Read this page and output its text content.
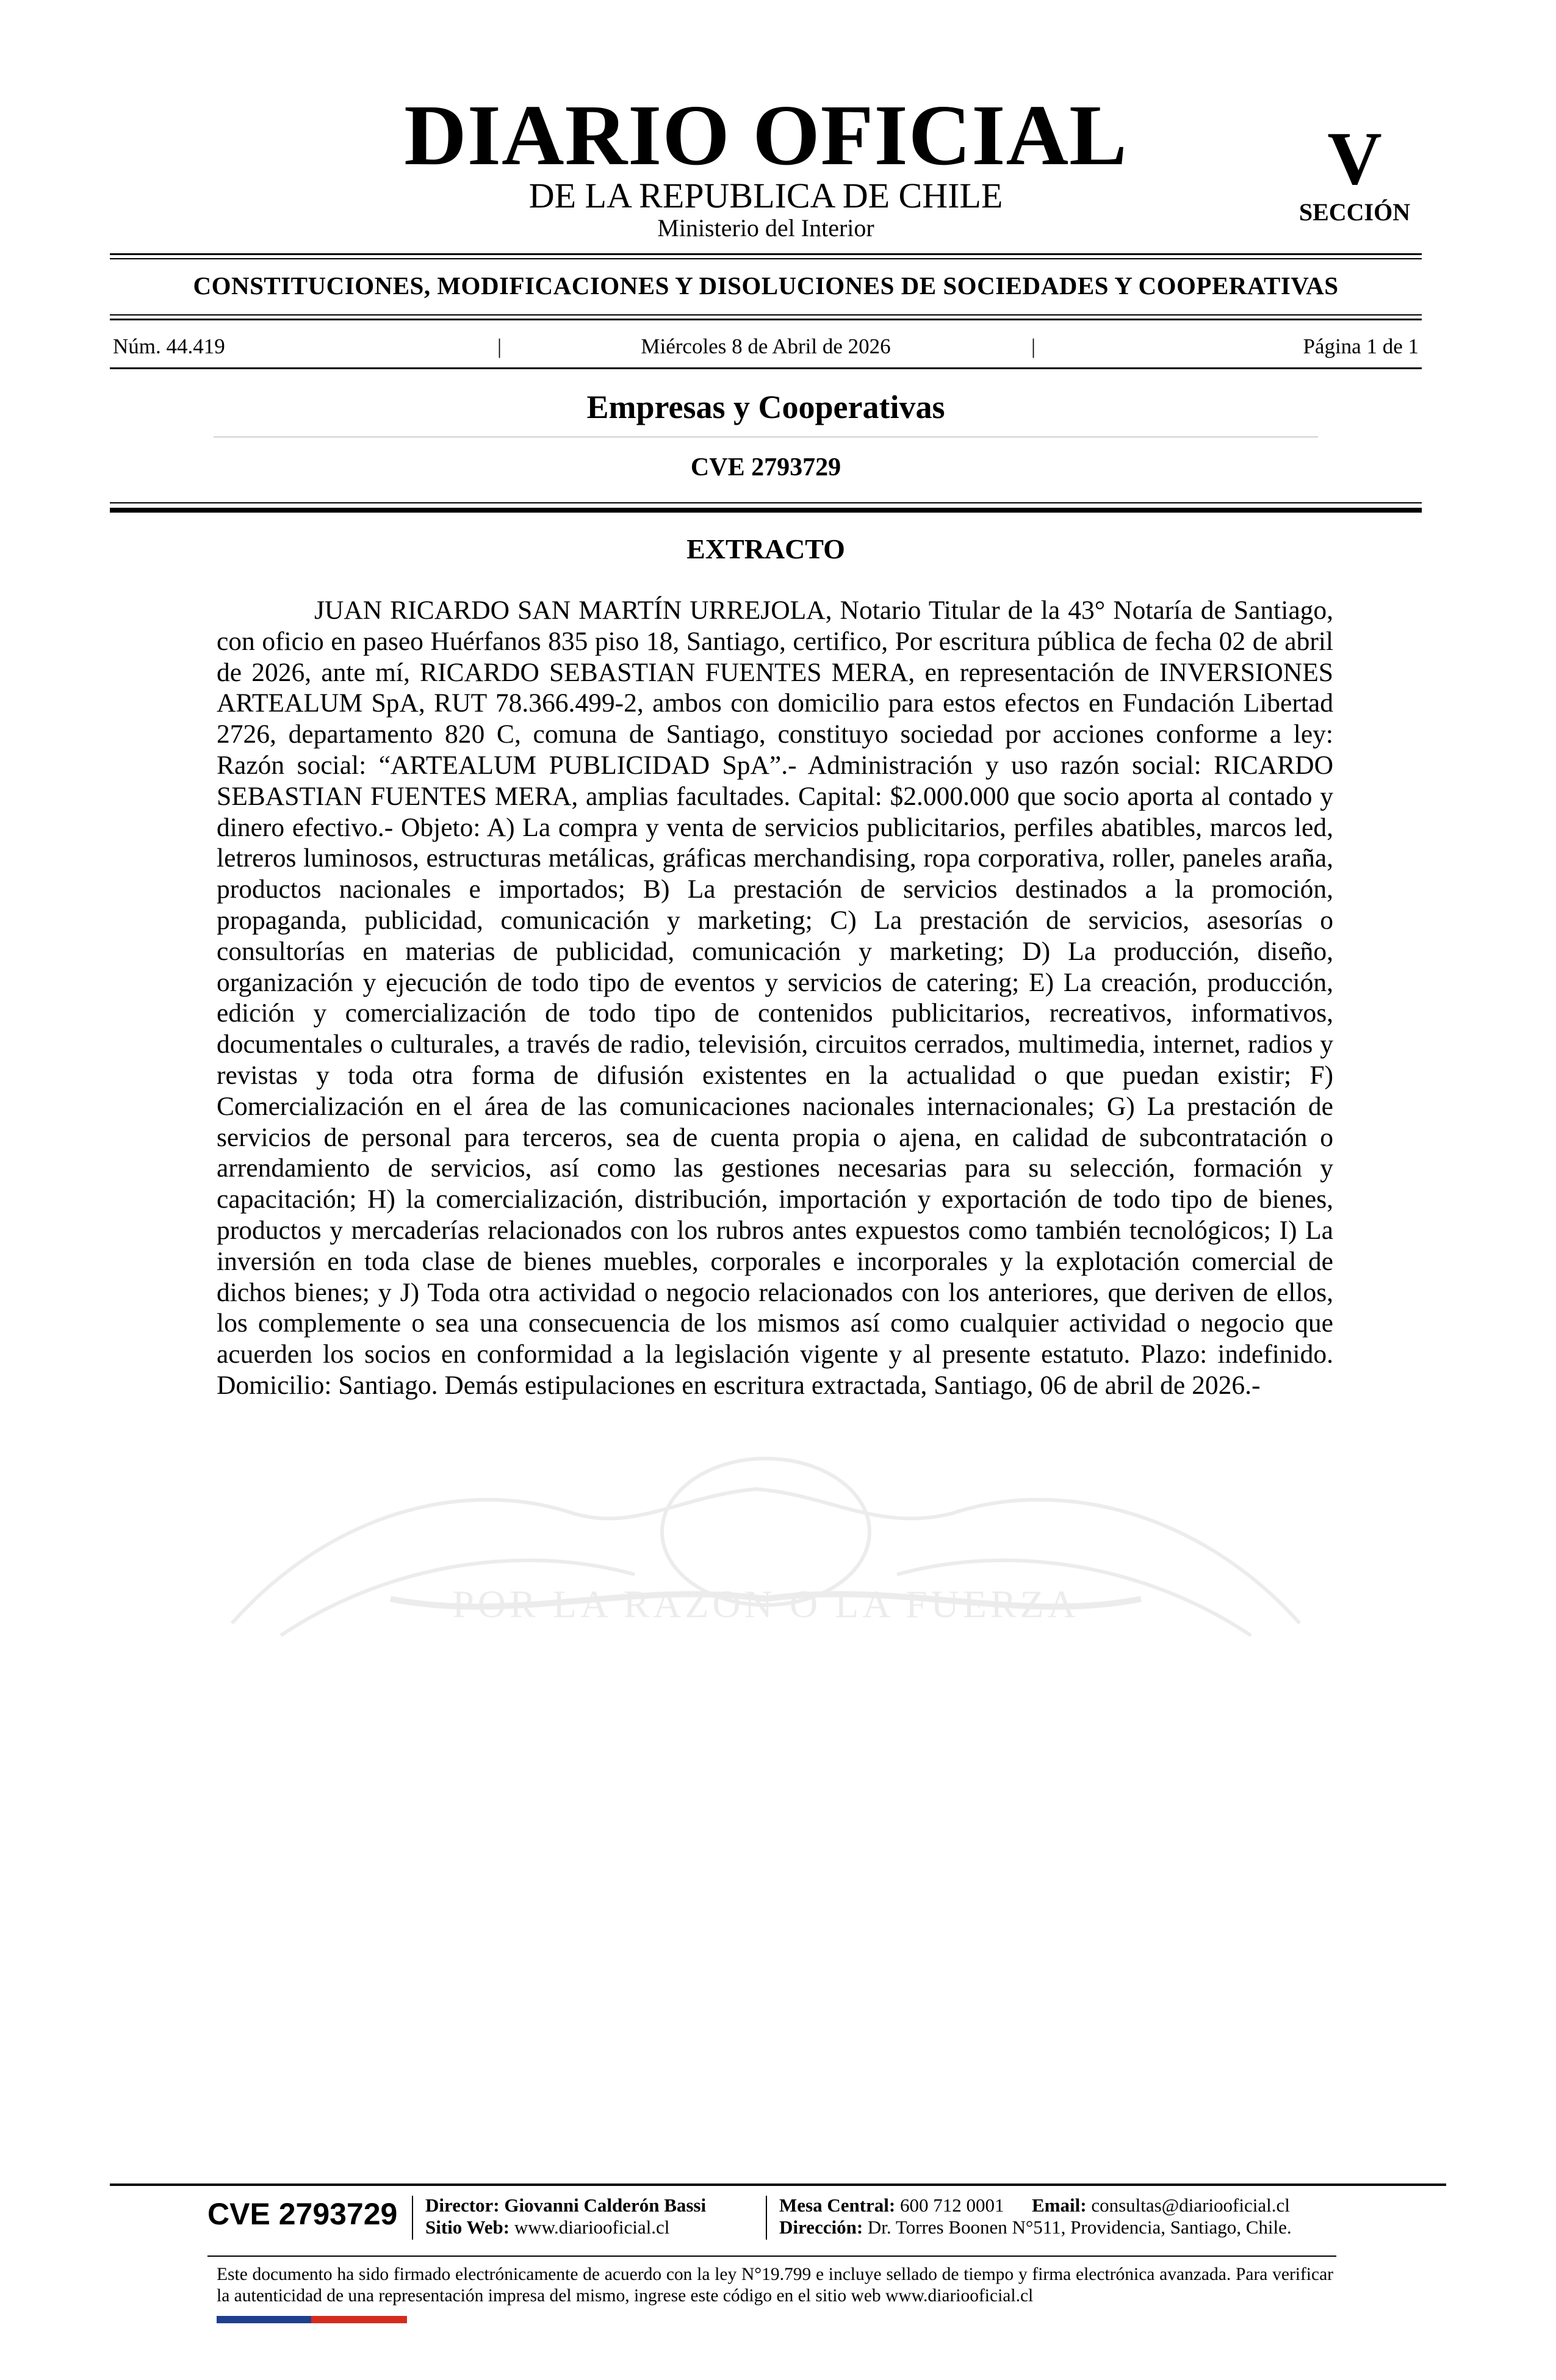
DIARIO OFICIAL
DE LA REPUBLICA DE CHILE
Ministerio del Interior
V
SECCIÓN
CONSTITUCIONES, MODIFICACIONES Y DISOLUCIONES DE SOCIEDADES Y COOPERATIVAS
Núm. 44.419	|	Miércoles 8 de Abril de 2026	|	Página 1 de 1
Empresas y Cooperativas
CVE 2793729
EXTRACTO

JUAN RICARDO SAN MARTÍN URREJOLA, Notario Titular de la 43° Notaría de Santiago, con oficio en paseo Huérfanos 835 piso 18, Santiago, certifico, Por escritura pública de fecha 02 de abril de 2026, ante mí, RICARDO SEBASTIAN FUENTES MERA, en representación de INVERSIONES ARTEALUM SpA, RUT 78.366.499-2, ambos con domicilio para estos efectos en Fundación Libertad 2726, departamento 820 C, comuna de Santiago, constituyo sociedad por acciones conforme a ley: Razón social: “ARTEALUM PUBLICIDAD SpA”.- Administración y uso razón social: RICARDO SEBASTIAN FUENTES MERA, amplias facultades. Capital: $2.000.000 que socio aporta al contado y dinero efectivo.- Objeto: A) La compra y venta de servicios publicitarios, perfiles abatibles, marcos led, letreros luminosos, estructuras metálicas, gráficas merchandising, ropa corporativa, roller, paneles araña, productos nacionales e importados; B) La prestación de servicios destinados a la promoción, propaganda, publicidad, comunicación y marketing; C) La prestación de servicios, asesorías o consultorías en materias de publicidad, comunicación y marketing; D) La producción, diseño, organización y ejecución de todo tipo de eventos y servicios de catering; E) La creación, producción, edición y comercialización de todo tipo de contenidos publicitarios, recreativos, informativos, documentales o culturales, a través de radio, televisión, circuitos cerrados, multimedia, internet, radios y revistas y toda otra forma de difusión existentes en la actualidad o que puedan existir; F) Comercialización en el área de las comunicaciones nacionales internacionales; G) La prestación de servicios de personal para terceros, sea de cuenta propia o ajena, en calidad de subcontratación o arrendamiento de servicios, así como las gestiones necesarias para su selección, formación y capacitación; H) la comercialización, distribución, importación y exportación de todo tipo de bienes, productos y mercaderías relacionados con los rubros antes expuestos como también tecnológicos; I) La inversión en toda clase de bienes muebles, corporales e incorporales y la explotación comercial de dichos bienes; y J) Toda otra actividad o negocio relacionados con los anteriores, que deriven de ellos, los complemente o sea una consecuencia de los mismos así como cualquier actividad o negocio que acuerden los socios en conformidad a la legislación vigente y al presente estatuto. Plazo: indefinido. Domicilio: Santiago. Demás estipulaciones en escritura extractada, Santiago, 06 de abril de 2026.-

POR LA RAZON O LA FUERZA
CVE 2793729	Director: Giovanni Calderón Bassi
Sitio Web: www.diariooficial.cl
Mesa Central: 600 712 0001 Email: consultas@diariooficial.cl
Dirección: Dr. Torres Boonen N°511, Providencia, Santiago, Chile.

Este documento ha sido firmado electrónicamente de acuerdo con la ley N°19.799 e incluye sellado de tiempo y firma electrónica avanzada. Para verificar la autenticidad de una representación impresa del mismo, ingrese este código en el sitio web www.diariooficial.cl
